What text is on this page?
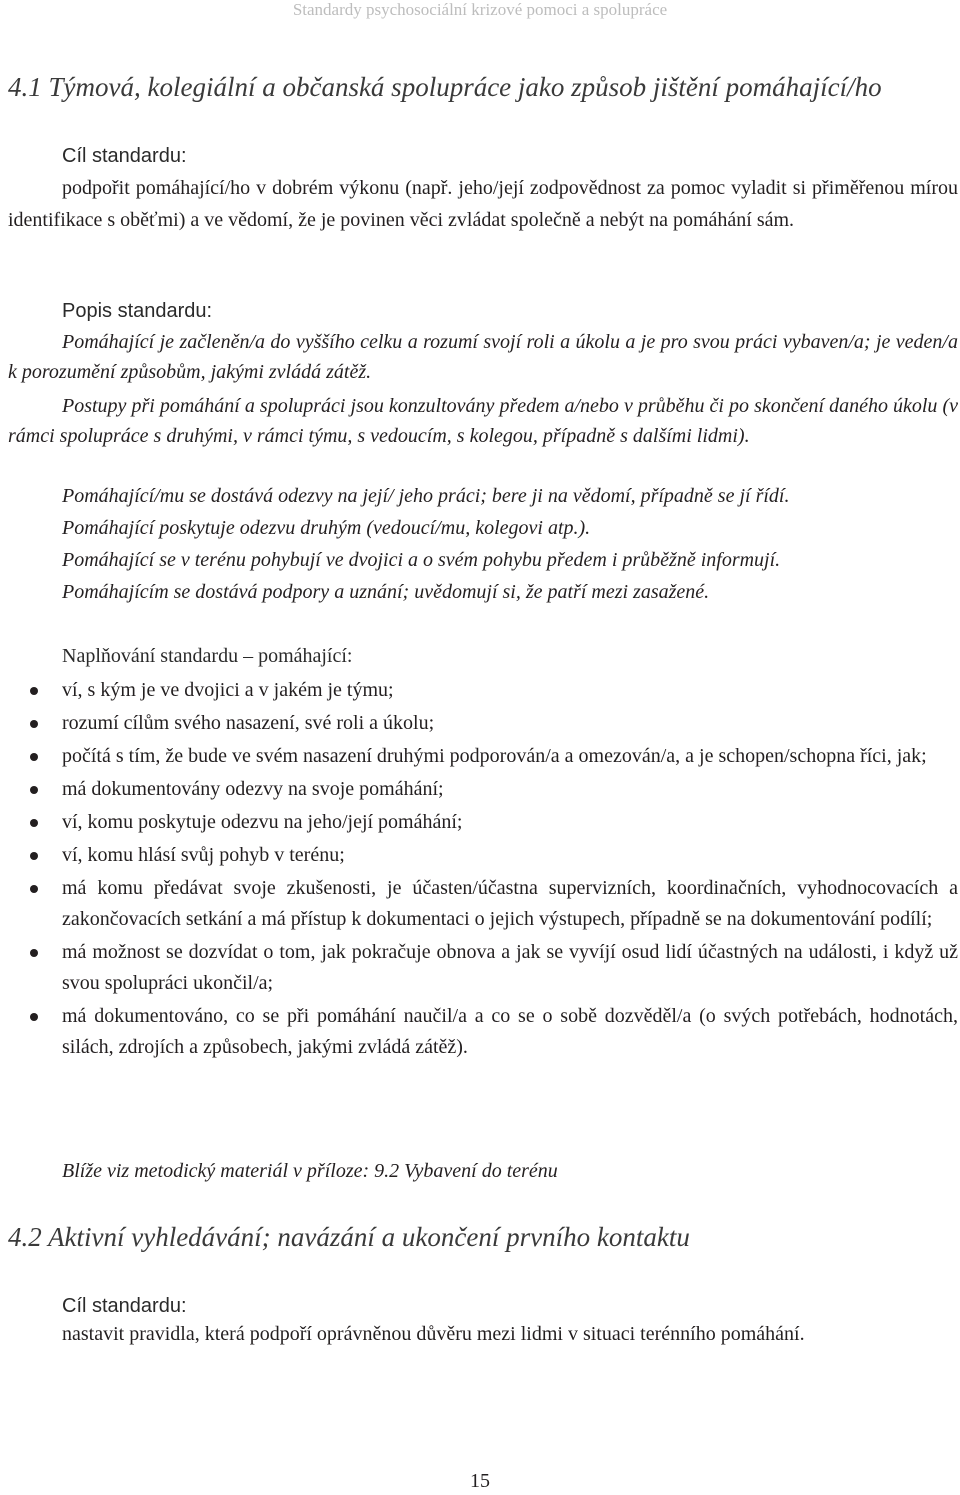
Standardy psychosociální krizové pomoci a spolupráce
4.1 Týmová, kolegiální a občanská spolupráce jako způsob jištění pomáhající/ho
Cíl standardu:
podpořit pomáhající/ho v dobrém výkonu (např. jeho/její zodpovědnost za pomoc vyladit si přiměřenou mírou identifikace s oběťmi) a ve vědomí, že je povinen věci zvládat společně a nebýt na pomáhání sám.
Popis standardu:
Pomáhající je začleněn/a do vyššího celku a rozumí svojí roli a úkolu a je pro svou práci vybaven/a; je veden/a k porozumění způsobům, jakými zvládá zátěž.
Postupy při pomáhání a spolupráci jsou konzultovány předem a/nebo v průběhu či po skončení daného úkolu (v rámci spolupráce s druhými, v rámci týmu, s vedoucím, s kolegou, případně s dalšími lidmi).
Pomáhající/mu se dostává odezvy na její/ jeho práci; bere ji na vědomí, případně se jí řídí.
Pomáhající poskytuje odezvu druhým (vedoucí/mu, kolegovi atp.).
Pomáhající se v terénu pohybují ve dvojici a o svém pohybu předem i průběžně informují.
Pomáhajícím se dostává podpory a uznání; uvědomují si, že patří mezi zasažené.
Naplňování standardu – pomáhající:
ví, s kým je ve dvojici a v jakém je týmu;
rozumí cílům svého nasazení, své roli a úkolu;
počítá s tím, že bude ve svém nasazení druhými podporován/a a omezován/a, a je schopen/schopna říci, jak;
má dokumentovány odezvy na svoje pomáhání;
ví, komu poskytuje odezvu na jeho/její pomáhání;
ví, komu hlásí svůj pohyb v terénu;
má komu předávat svoje zkušenosti, je účasten/účastna supervizních, koordinačních, vyhodnocovacích a zakončovacích setkání a má přístup k dokumentaci o jejich výstupech, případně se na dokumentování podílí;
má možnost se dozvídat o tom, jak pokračuje obnova a jak se vyvíjí osud lidí účastných na události, i když už svou spolupráci ukončil/a;
má dokumentováno, co se při pomáhání naučil/a a co se o sobě dozvěděl/a (o svých potřebách, hodnotách, silách, zdrojích a způsobech, jakými zvládá zátěž).
Blíže viz metodický materiál v příloze: 9.2 Vybavení do terénu
4.2 Aktivní vyhledávání; navázání a ukončení prvního kontaktu
Cíl standardu:
nastavit pravidla, která podpoří oprávněnou důvěru mezi lidmi v situaci terénního pomáhání.
15
